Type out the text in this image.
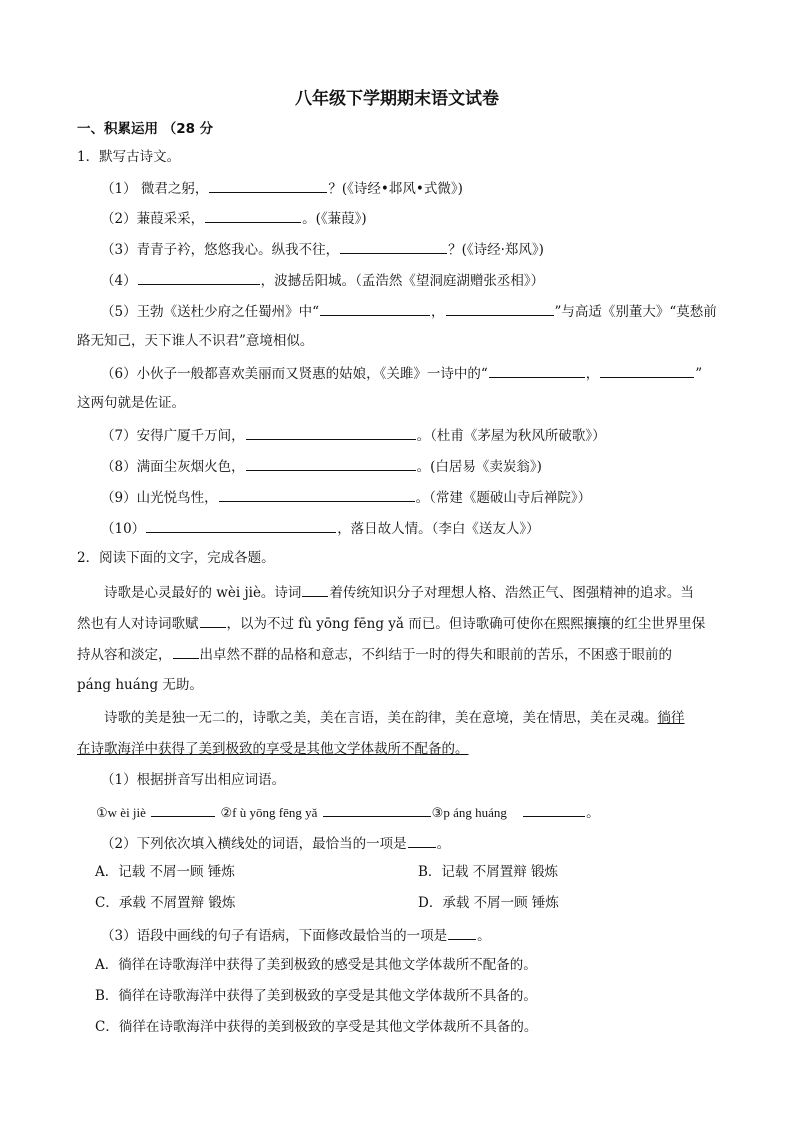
八年级下学期期末语文试卷
一、积累运用 （28 分
1．默写古诗文。
（1） 微君之躬，	？(《诗经•邶风•式微》)
（2）蒹葭采采，	。(《蒹葭》)
（3）青青子衿，悠悠我心。纵我不往，	？(《诗经·郑风》)
（4）	，波撼岳阳城。（孟浩然《望洞庭湖赠张丞相》）
（5）王勃《送杜少府之任蜀州》中“	，	”与高适《别董大》“莫愁前
路无知己，天下谁人不识君”意境相似。
（6）小伙子一般都喜欢美丽而又贤惠的姑娘，《关雎》一诗中的“	，	”
这两句就是佐证。
（7）安得广厦千万间，	。（杜甫《茅屋为秋风所破歌》）
（8）满面尘灰烟火色，	。(白居易《卖炭翁》)
（9）山光悦鸟性，	。（常建《题破山寺后禅院》）
（10）	，落日故人情。（李白《送友人》）
2．阅读下面的文字，完成各题。
诗歌是心灵最好的 wèi jiè。诗词 着传统知识分子对理想人格、浩然正气、图强精神的追求。当
然也有人对诗词歌赋 ，以为不过 fù yōng fēng yǎ 而已。但诗歌确可使你在熙熙攘攘的红尘世界里保
持从容和淡定， 出卓然不群的品格和意志，不纠结于一时的得失和眼前的苦乐，不困惑于眼前的
páng huáng 无助。
诗歌的美是独一无二的，诗歌之美，美在言语，美在韵律，美在意境，美在情思，美在灵魂。徜徉
在诗歌海洋中获得了美到极致的享受是其他文学体裁所不配备的。
（1）根据拼音写出相应词语。
①w èi jiè	②f ù yōng fēng yǎ	③p áng huáng	。
（2）下列依次填入横线处的词语，最恰当的一项是 。
A．记载 不屑一顾 锤炼	B．记载 不屑置辩 锻炼
C．承载 不屑置辩 锻炼	D．承载 不屑一顾 锤炼
（3）语段中画线的句子有语病，下面修改最恰当的一项是 。
A．徜徉在诗歌海洋中获得了美到极致的感受是其他文学体裁所不配备的。
B．徜徉在诗歌海洋中获得了美到极致的享受是其他文学体裁所不具备的。
C．徜徉在诗歌海洋中获得的美到极致的享受是其他文学体裁所不具备的。
